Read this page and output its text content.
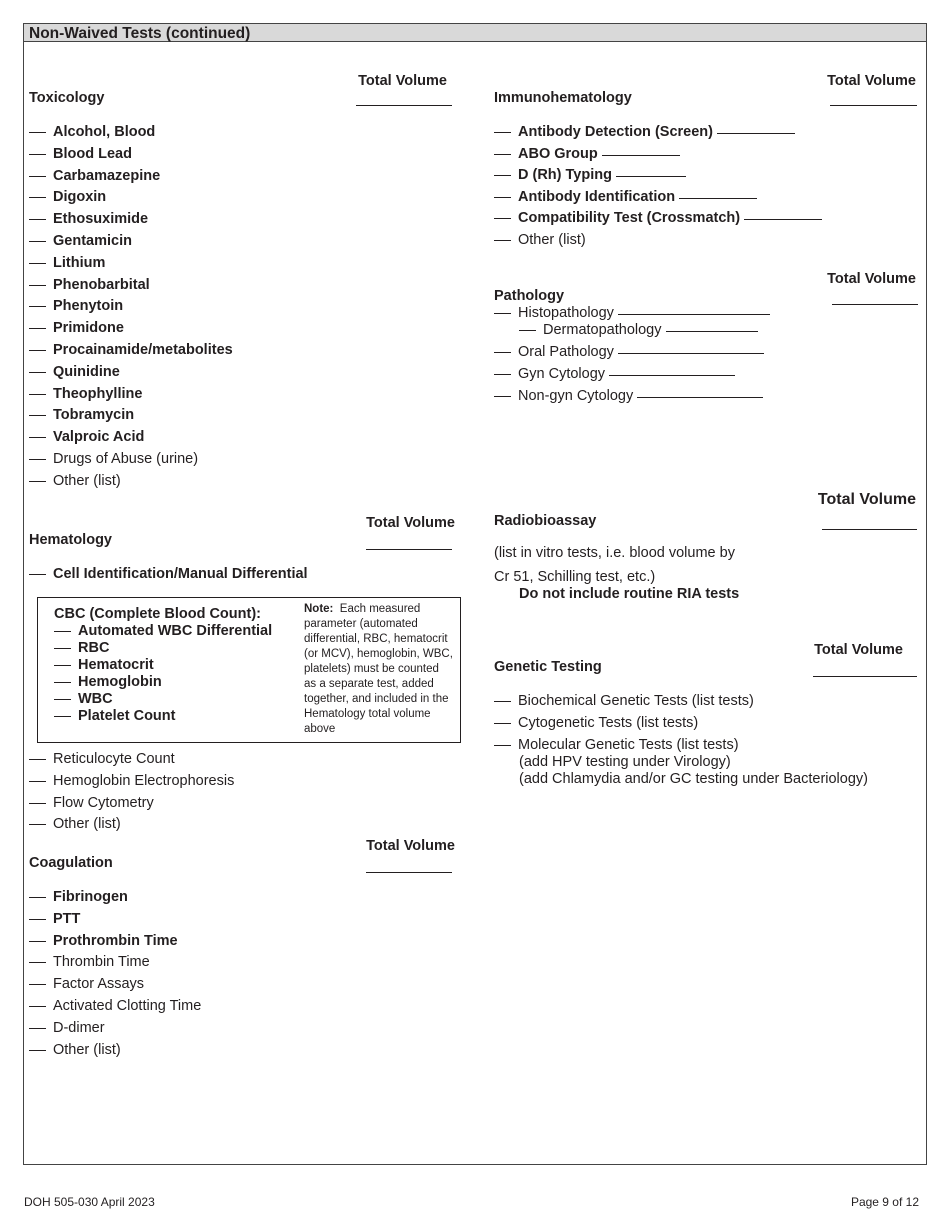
Non-Waived Tests (continued)
Total Volume
Toxicology
Alcohol, Blood
Blood Lead
Carbamazepine
Digoxin
Ethosuximide
Gentamicin
Lithium
Phenobarbital
Phenytoin
Primidone
Procainamide/metabolites
Quinidine
Theophylline
Tobramycin
Valproic Acid
Drugs of Abuse (urine)
Other (list)
Total Volume
Hematology
Cell Identification/Manual Differential
CBC (Complete Blood Count):
Automated WBC Differential
RBC
Hematocrit
Hemoglobin
WBC
Platelet Count
Note: Each measured parameter (automated differential, RBC, hematocrit (or MCV), hemoglobin, WBC, platelets) must be counted as a separate test, added together, and included in the Hematology total volume above
Reticulocyte Count
Hemoglobin Electrophoresis
Flow Cytometry
Other (list)
Total Volume
Coagulation
Fibrinogen
PTT
Prothrombin Time
Thrombin Time
Factor Assays
Activated Clotting Time
D-dimer
Other (list)
Total Volume
Immunohematology
Antibody Detection (Screen)
ABO Group
D (Rh) Typing
Antibody Identification
Compatibility Test (Crossmatch)
Other (list)
Total Volume
Pathology
Histopathology
Dermatopathology
Oral Pathology
Gyn Cytology
Non-gyn Cytology
Total Volume
Radiobioassay
(list in vitro tests, i.e. blood volume by
Cr 51, Schilling test, etc.)
Do not include routine RIA tests
Total Volume
Genetic Testing
Biochemical Genetic Tests (list tests)
Cytogenetic Tests (list tests)
Molecular Genetic Tests (list tests)
(add HPV testing under Virology)
(add Chlamydia and/or GC testing under Bacteriology)
DOH 505-030 April 2023	Page 9 of 12
